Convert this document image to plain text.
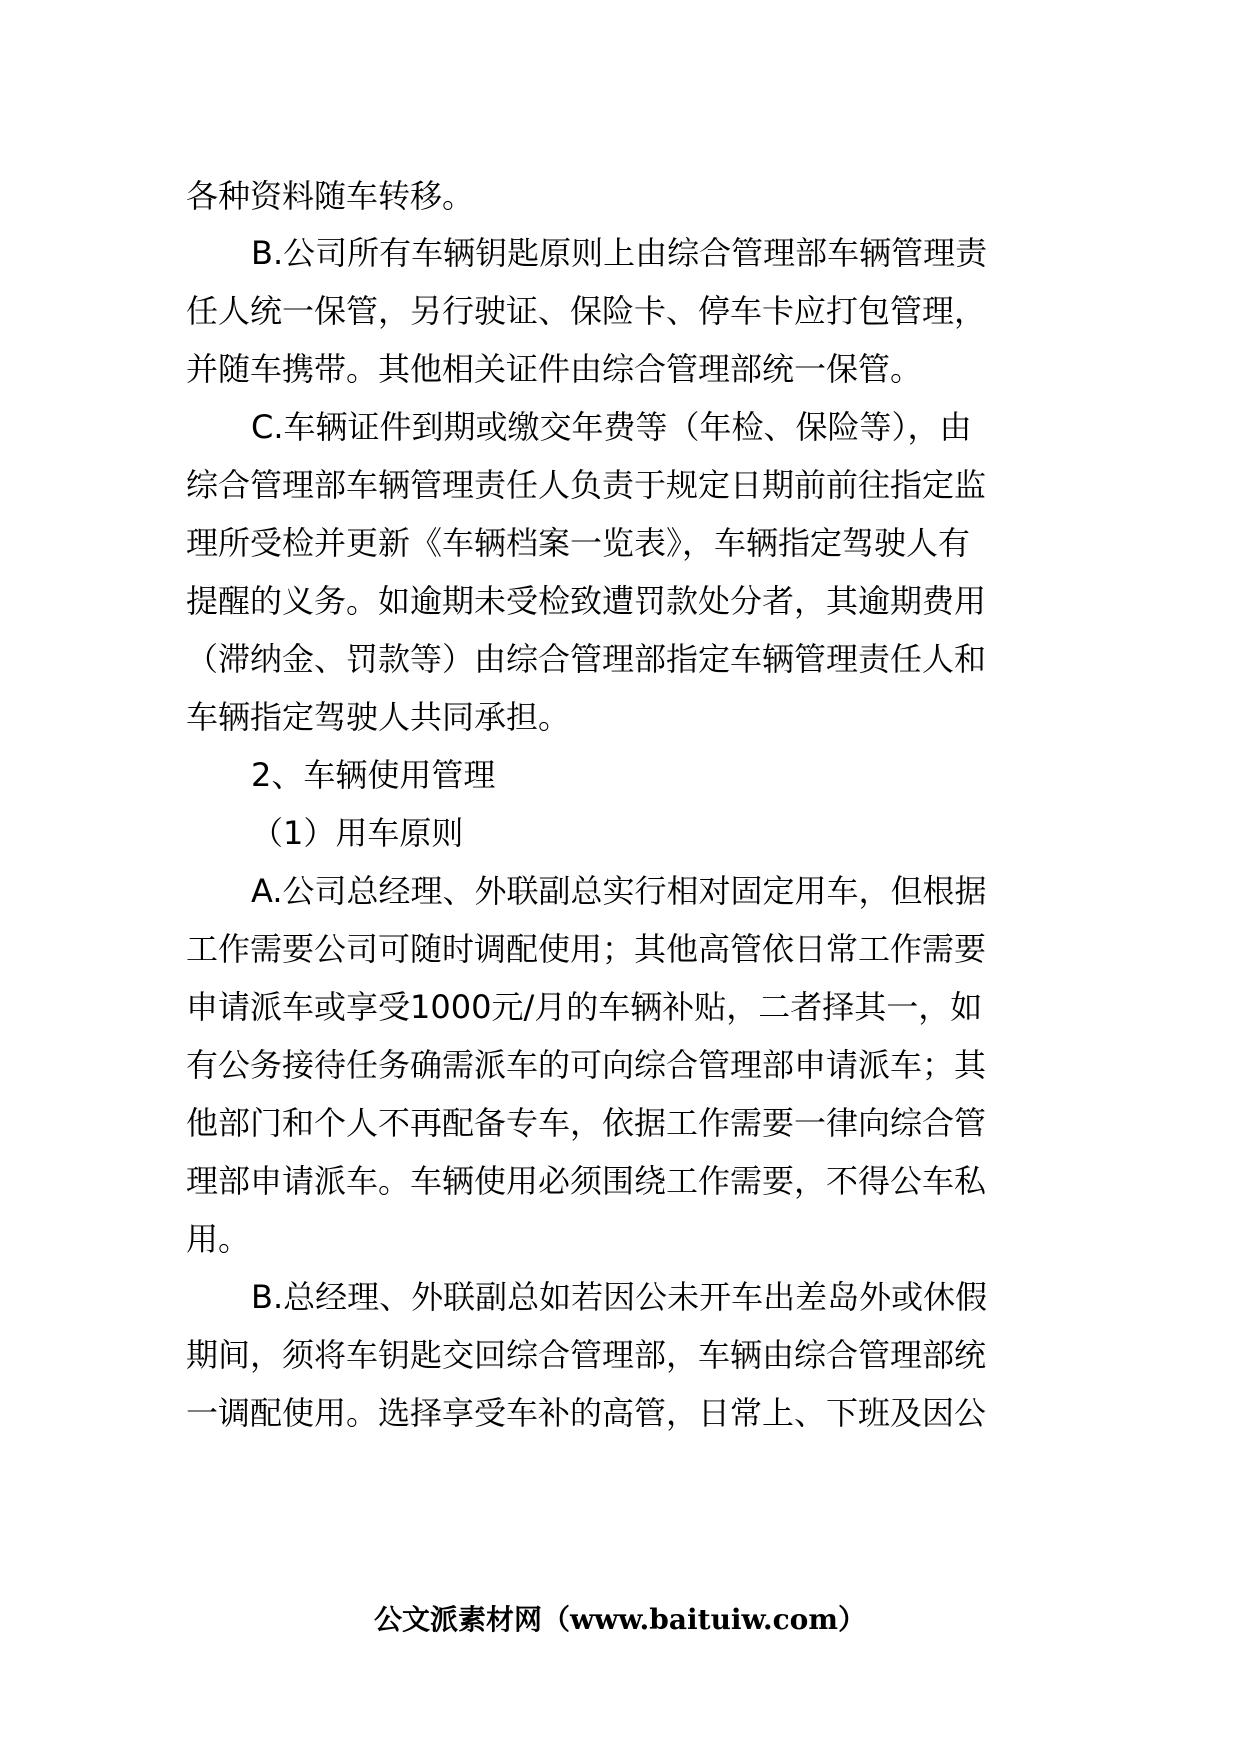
各种资料随车转移。
B.公司所有车辆钥匙原则上由综合管理部车辆管理责
任人统一保管，另行驶证、保险卡、停车卡应打包管理，
并随车携带。其他相关证件由综合管理部统一保管。
C.车辆证件到期或缴交年费等（年检、保险等），由
综合管理部车辆管理责任人负责于规定日期前前往指定监
理所受检并更新《车辆档案一览表》，车辆指定驾驶人有
提醒的义务。如逾期未受检致遭罚款处分者，其逾期费用
（滞纳金、罚款等）由综合管理部指定车辆管理责任人和
车辆指定驾驶人共同承担。
2、车辆使用管理
（1）用车原则
A.公司总经理、外联副总实行相对固定用车，但根据
工作需要公司可随时调配使用；其他高管依日常工作需要
申请派车或享受1000元/月的车辆补贴，二者择其一，如
有公务接待任务确需派车的可向综合管理部申请派车；其
他部门和个人不再配备专车，依据工作需要一律向综合管
理部申请派车。车辆使用必须围绕工作需要，不得公车私
用。
B.总经理、外联副总如若因公未开车出差岛外或休假
期间，须将车钥匙交回综合管理部，车辆由综合管理部统
一调配使用。选择享受车补的高管，日常上、下班及因公
公文派素材网（www.baituiw.com）
